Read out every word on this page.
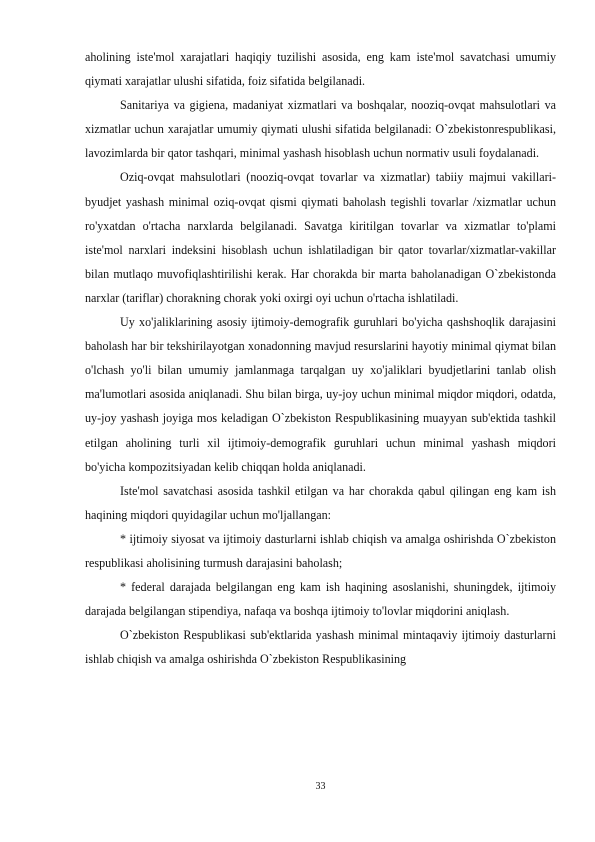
aholining iste'mol xarajatlari haqiqiy tuzilishi asosida, eng kam iste'mol savatchasi umumiy qiymati xarajatlar ulushi sifatida, foiz sifatida belgilanadi.

Sanitariya va gigiena, madaniyat xizmatlari va boshqalar, nooziq-ovqat mahsulotlari va xizmatlar uchun xarajatlar umumiy qiymati ulushi sifatida belgilanadi: O`zbekistonrespublikasi, lavozimlarda bir qator tashqari, minimal yashash hisoblash uchun normativ usuli foydalanadi.

Oziq-ovqat mahsulotlari (nooziq-ovqat tovarlar va xizmatlar) tabiiy majmui vakillari-byudjet yashash minimal oziq-ovqat qismi qiymati baholash tegishli tovarlar /xizmatlar uchun ro'yxatdan o'rtacha narxlarda belgilanadi. Savatga kiritilgan tovarlar va xizmatlar to'plami iste'mol narxlari indeksini hisoblash uchun ishlatiladigan bir qator tovarlar/xizmatlar-vakillar bilan mutlaqo muvofiqlashtirilishi kerak. Har chorakda bir marta baholanadigan O`zbekistonda narxlar (tariflar) chorakning chorak yoki oxirgi oyi uchun o'rtacha ishlatiladi.

Uy xo'jaliklarining asosiy ijtimoiy-demografik guruhlari bo'yicha qashshoqlik darajasini baholash har bir tekshirilayotgan xonadonning mavjud resurslarini hayotiy minimal qiymat bilan o'lchash yo'li bilan umumiy jamlanmaga tarqalgan uy xo'jaliklari byudjetlarini tanlab olish ma'lumotlari asosida aniqlanadi. Shu bilan birga, uy-joy uchun minimal miqdor miqdori, odatda, uy-joy yashash joyiga mos keladigan O`zbekiston Respublikasining muayyan sub'ektida tashkil etilgan aholining turli xil ijtimoiy-demografik guruhlari uchun minimal yashash miqdori bo'yicha kompozitsiyadan kelib chiqqan holda aniqlanadi.

Iste'mol savatchasi asosida tashkil etilgan va har chorakda qabul qilingan eng kam ish haqining miqdori quyidagilar uchun mo'ljallangan:

* ijtimoiy siyosat va ijtimoiy dasturlarni ishlab chiqish va amalga oshirishda O`zbekiston respublikasi aholisining turmush darajasini baholash;

* federal darajada belgilangan eng kam ish haqining asoslanishi, shuningdek, ijtimoiy darajada belgilangan stipendiya, nafaqa va boshqa ijtimoiy to'lovlar miqdorini aniqlash.

O`zbekiston Respublikasi sub'ektlarida yashash minimal mintaqaviy ijtimoiy dasturlarni ishlab chiqish va amalga oshirishda O`zbekiston Respublikasining

33
